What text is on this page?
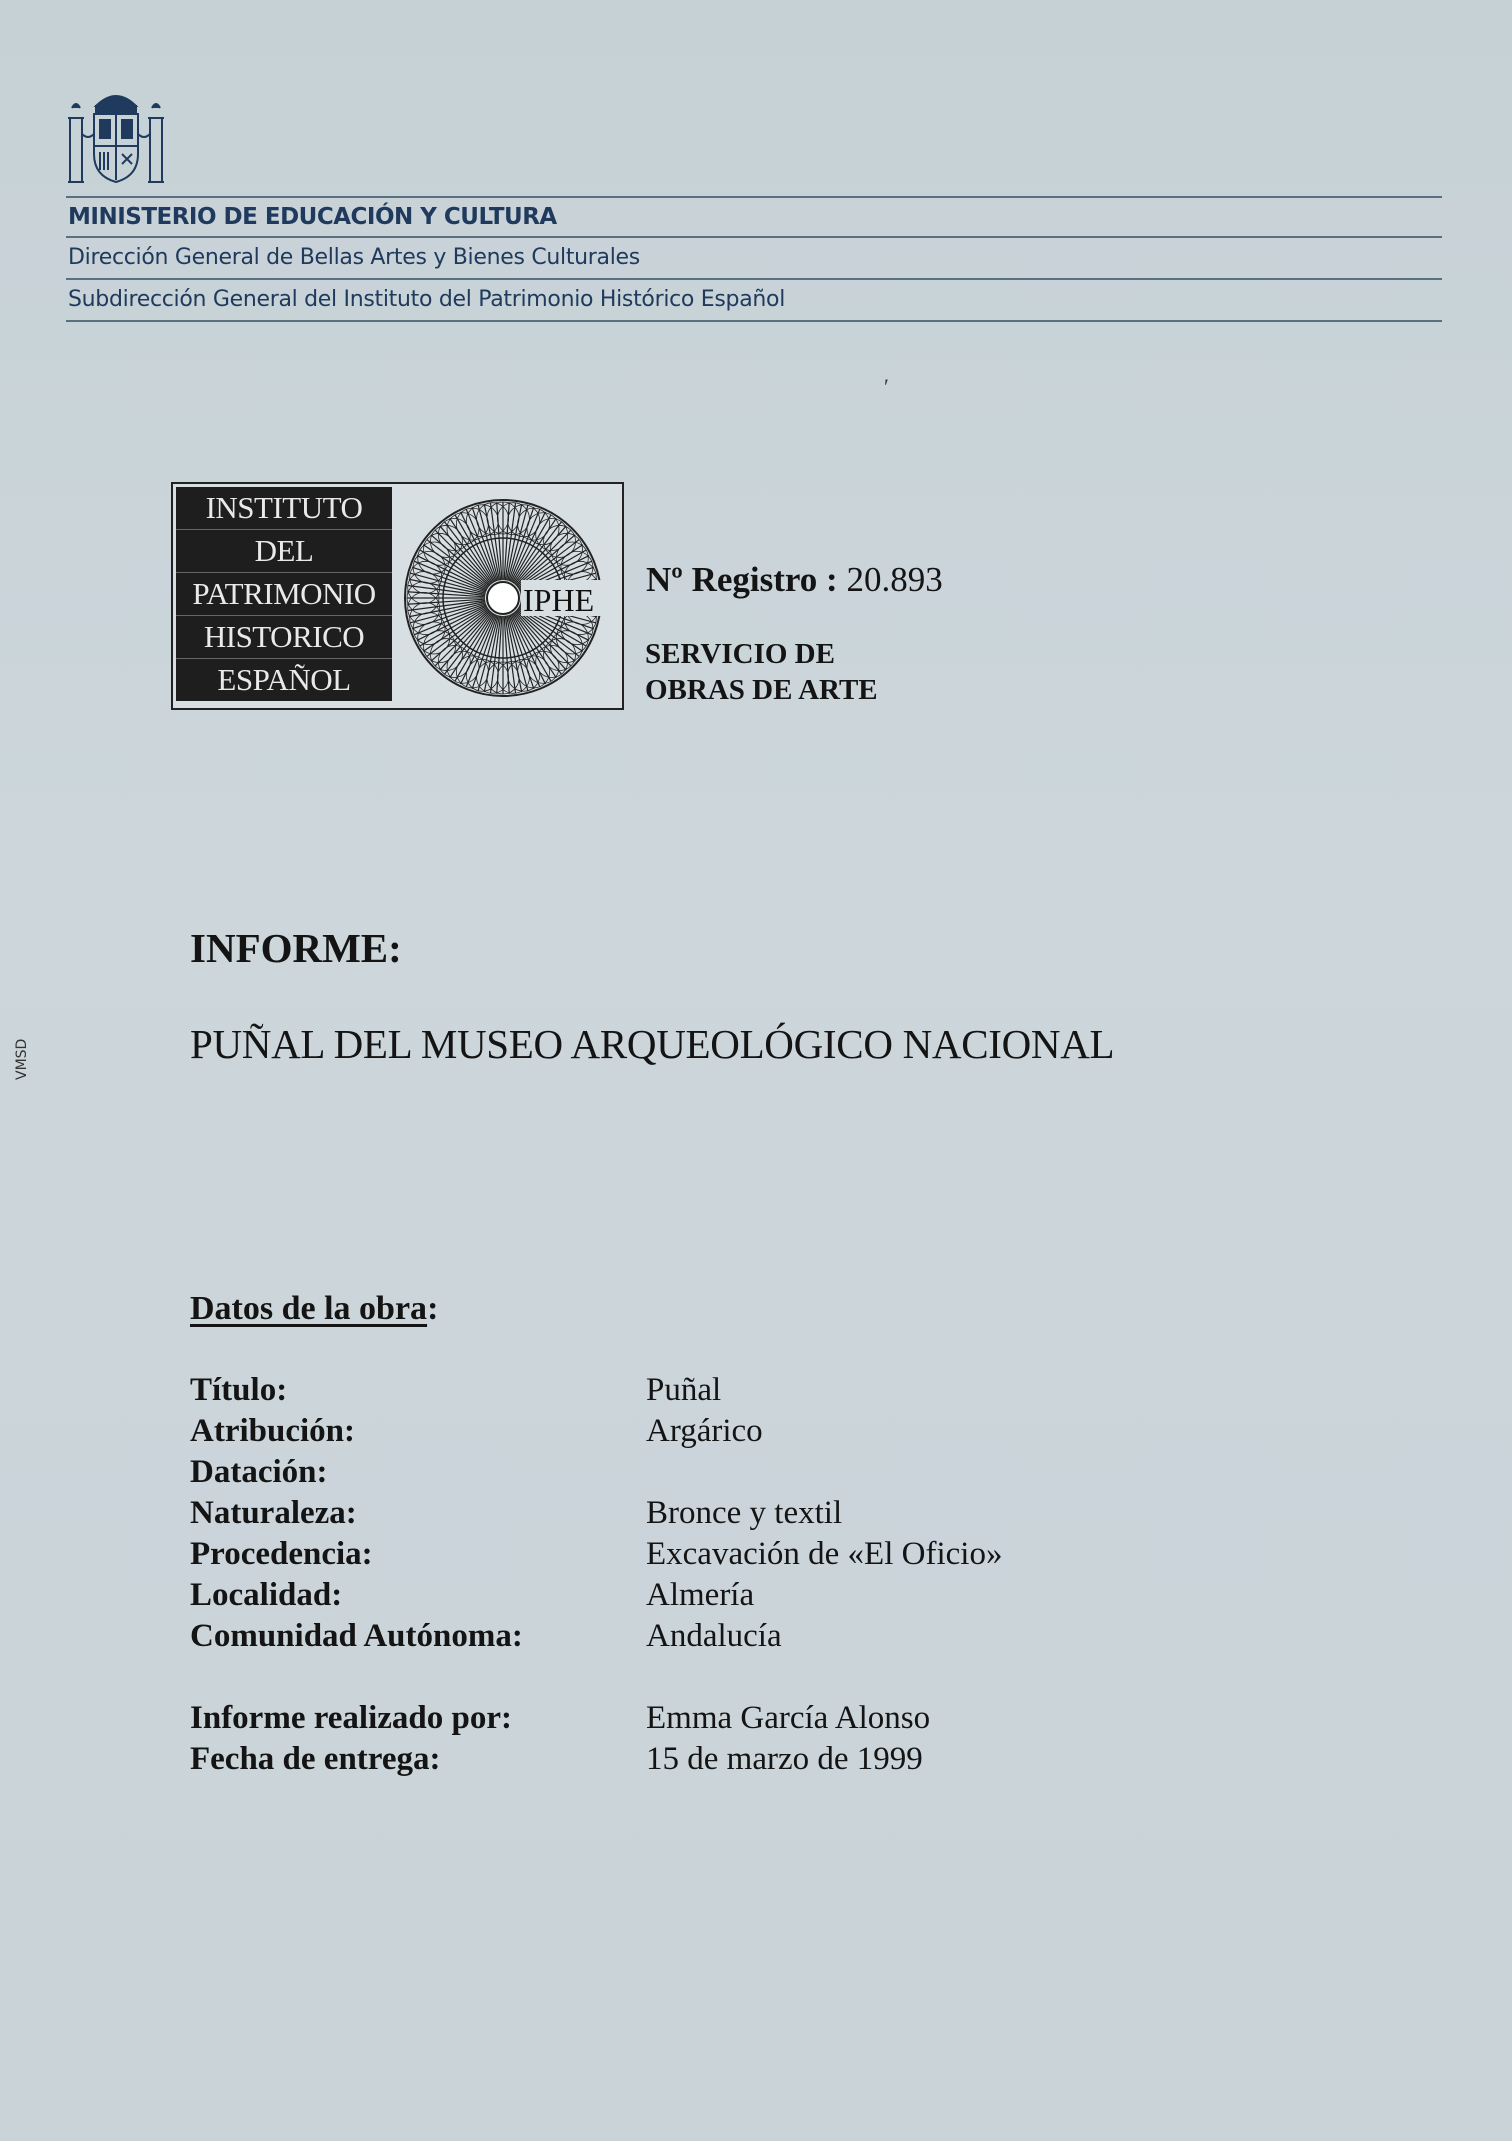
MINISTERIO DE EDUCACIÓN Y CULTURA
Dirección General de Bellas Artes y Bienes Culturales
Subdirección General del Instituto del Patrimonio Histórico Español
′
INSTITUTO
DEL
PATRIMONIO
HISTORICO
ESPAÑOL
IPHE
Nº Registro : 20.893
SERVICIO DE
OBRAS DE ARTE
INFORME:
PUÑAL DEL MUSEO ARQUEOLÓGICO NACIONAL
VMSD
Datos de la obra:
Título:	Puñal
Atribución:	Argárico
Datación:
Naturaleza:	Bronce y textil
Procedencia:	Excavación de «El Oficio»
Localidad:	Almería
Comunidad Autónoma:	Andalucía
Informe realizado por:	Emma García Alonso
Fecha de entrega:	15 de marzo de 1999
